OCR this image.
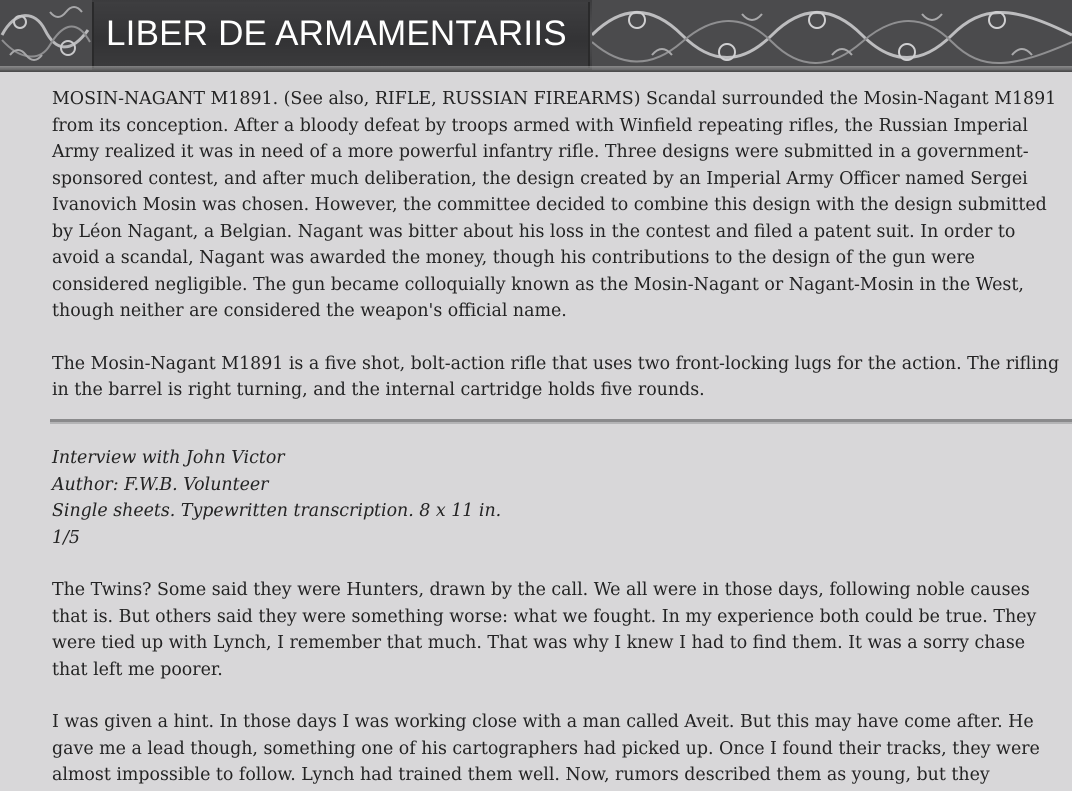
LIBER DE ARMAMENTARIIS

MOSIN-NAGANT M1891. (See also, RIFLE, RUSSIAN FIREARMS) Scandal surrounded the Mosin-Nagant M1891 from its conception. After a bloody defeat by troops armed with Winfield repeating rifles, the Russian Imperial Army realized it was in need of a more powerful infantry rifle. Three designs were submitted in a government-sponsored contest, and after much deliberation, the design created by an Imperial Army Officer named Sergei Ivanovich Mosin was chosen. However, the committee decided to combine this design with the design submitted by Léon Nagant, a Belgian. Nagant was bitter about his loss in the contest and filed a patent suit. In order to avoid a scandal, Nagant was awarded the money, though his contributions to the design of the gun were considered negligible. The gun became colloquially known as the Mosin-Nagant or Nagant-Mosin in the West, though neither are considered the weapon's official name.

The Mosin-Nagant M1891 is a five shot, bolt-action rifle that uses two front-locking lugs for the action. The rifling in the barrel is right turning, and the internal cartridge holds five rounds.

Interview with John Victor

Author: F.W.B. Volunteer

Single sheets. Typewritten transcription. 8 x 11 in.

1/5

The Twins? Some said they were Hunters, drawn by the call. We all were in those days, following noble causes that is. But others said they were something worse: what we fought. In my experience both could be true. They were tied up with Lynch, I remember that much. That was why I knew I had to find them. It was a sorry chase that left me poorer.

I was given a hint. In those days I was working close with a man called Aveit. But this may have come after. He gave me a lead though, something one of his cartographers had picked up. Once I found their tracks, they were almost impossible to follow. Lynch had trained them well. Now, rumors described them as young, but they
